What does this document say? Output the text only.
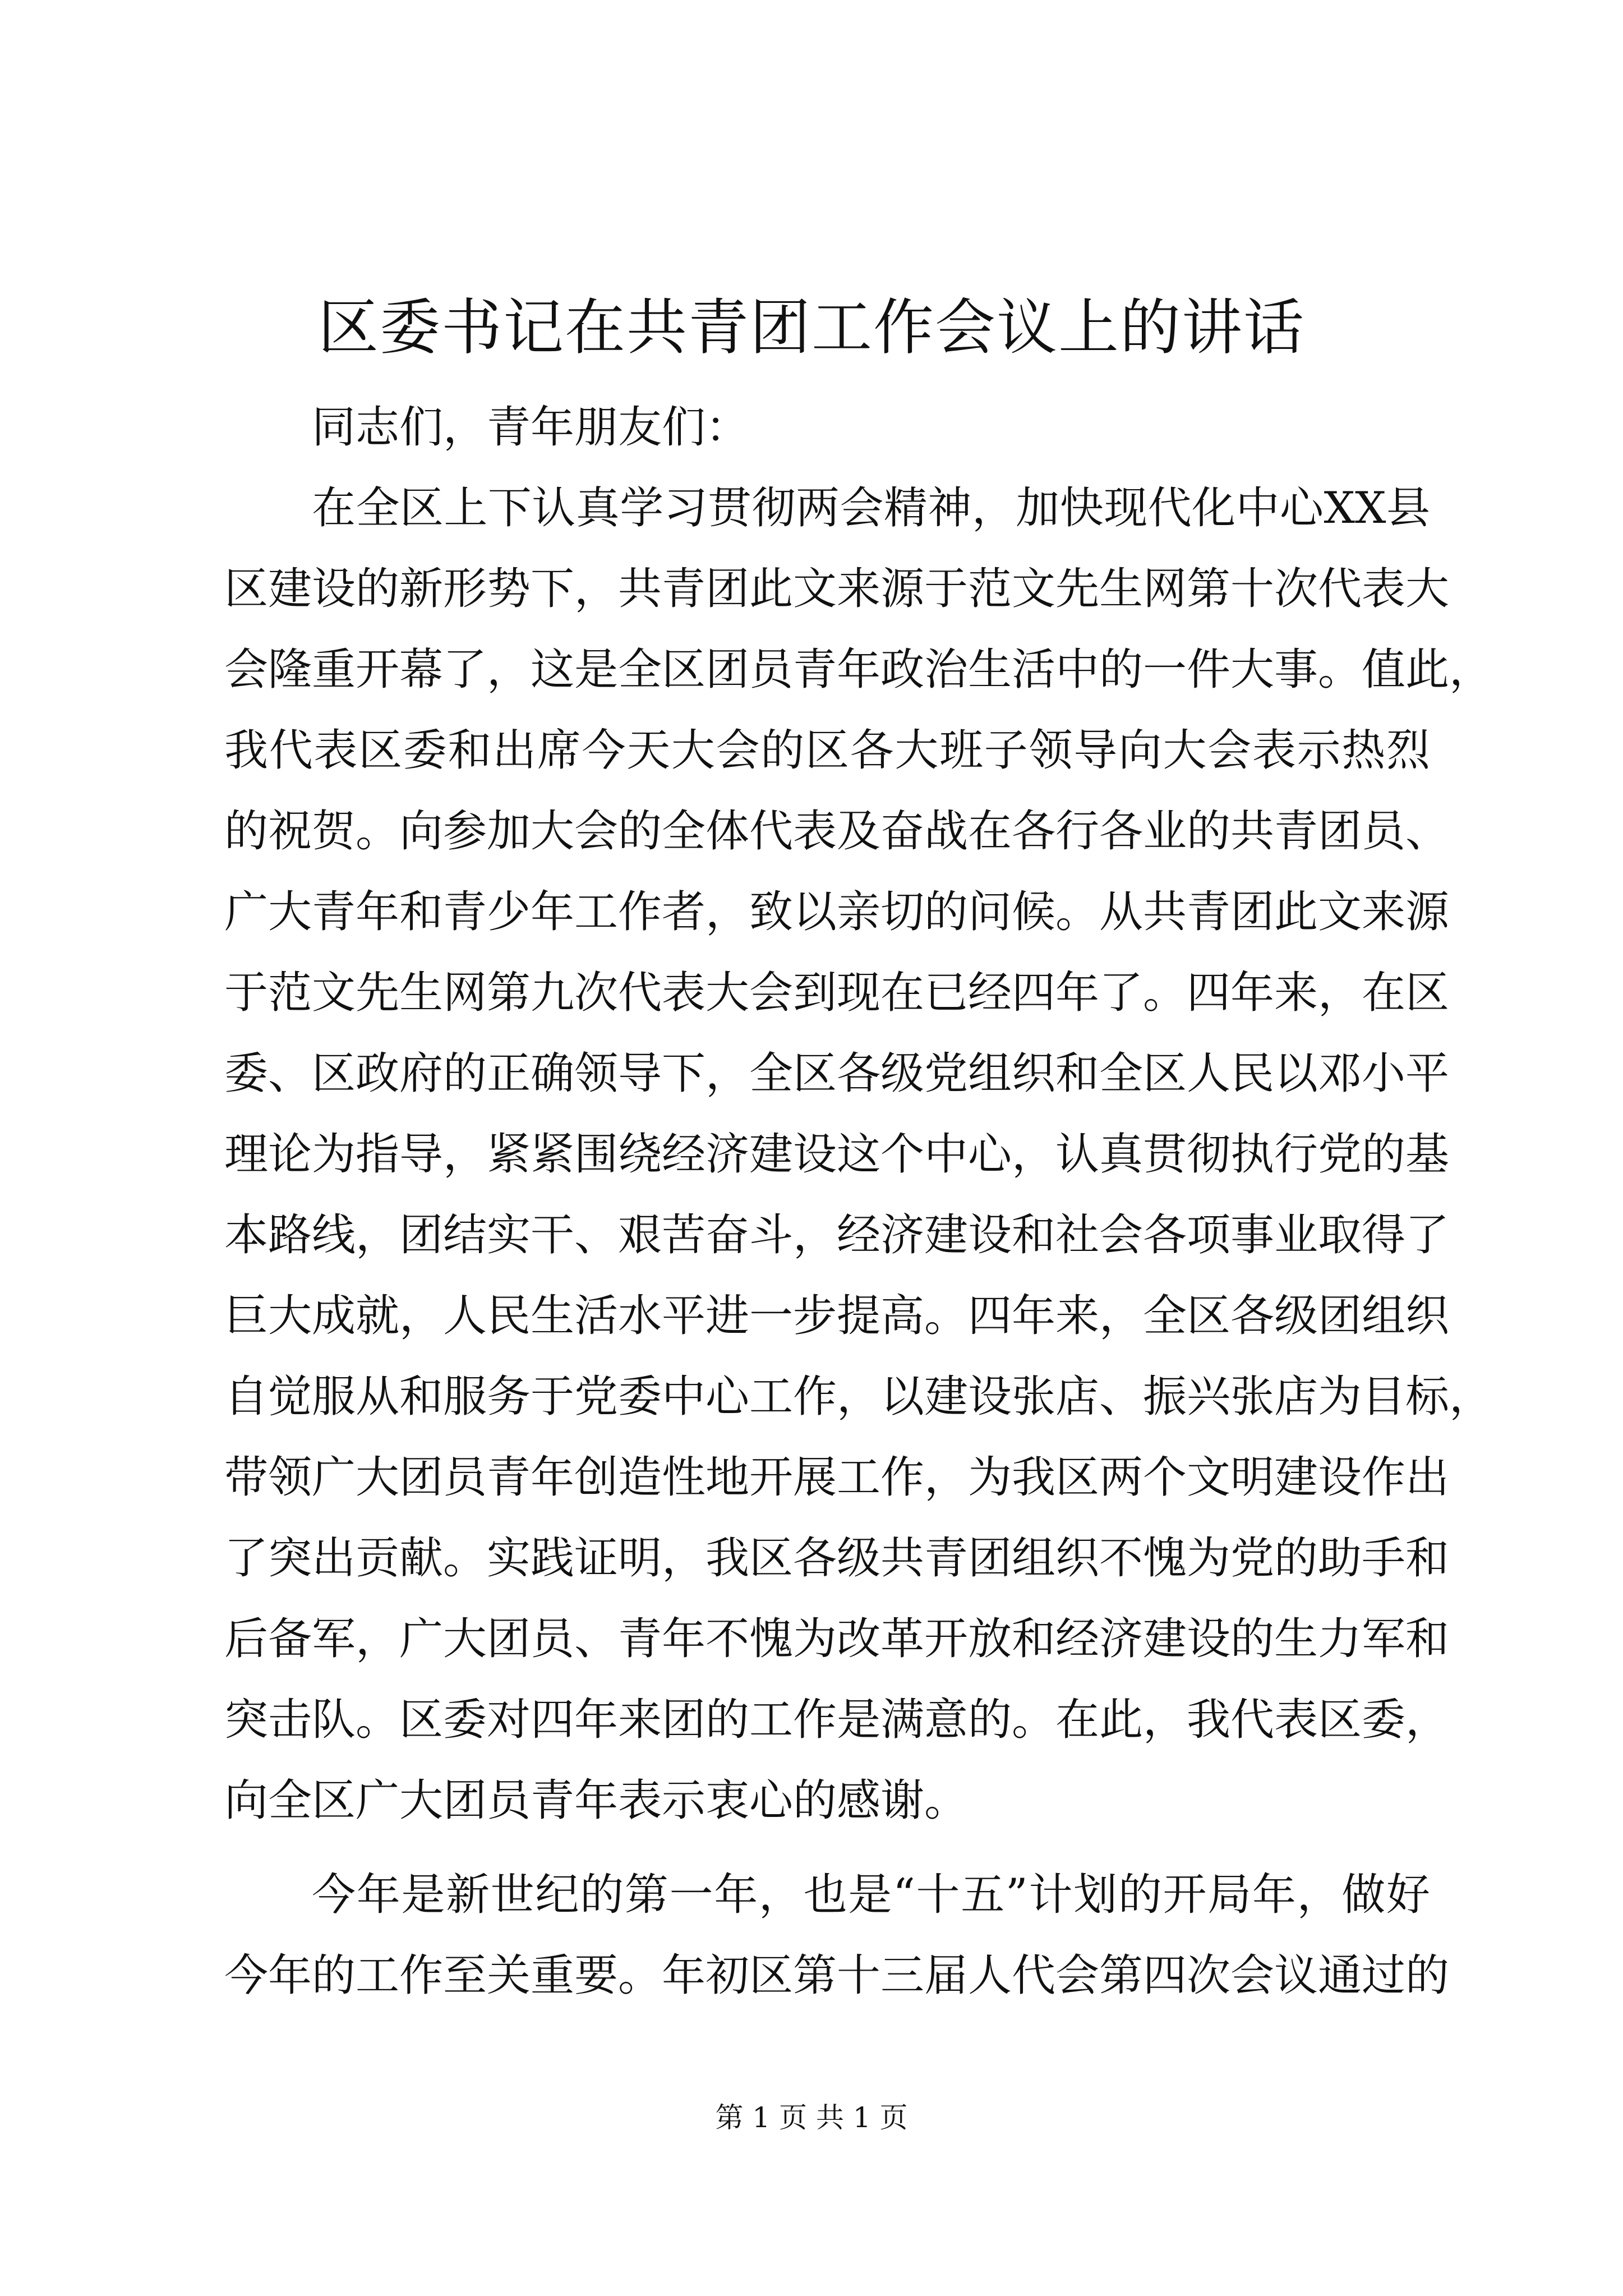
区委书记在共青团工作会议上的讲话
同志们，青年朋友们：
在全区上下认真学习贯彻两会精神，加快现代化中心XX县
区建设的新形势下，共青团此文来源于范文先生网第十次代表大
会隆重开幕了，这是全区团员青年政治生活中的一件大事。值此，
我代表区委和出席今天大会的区各大班子领导向大会表示热烈
的祝贺。向参加大会的全体代表及奋战在各行各业的共青团员、
广大青年和青少年工作者，致以亲切的问候。从共青团此文来源
于范文先生网第九次代表大会到现在已经四年了。四年来，在区
委、区政府的正确领导下，全区各级党组织和全区人民以邓小平
理论为指导，紧紧围绕经济建设这个中心，认真贯彻执行党的基
本路线，团结实干、艰苦奋斗，经济建设和社会各项事业取得了
巨大成就，人民生活水平进一步提高。四年来，全区各级团组织
自觉服从和服务于党委中心工作，以建设张店、振兴张店为目标，
带领广大团员青年创造性地开展工作，为我区两个文明建设作出
了突出贡献。实践证明，我区各级共青团组织不愧为党的助手和
后备军，广大团员、青年不愧为改革开放和经济建设的生力军和
突击队。区委对四年来团的工作是满意的。在此，我代表区委，
向全区广大团员青年表示衷心的感谢。
今年是新世纪的第一年，也是“十五”计划的开局年，做好
今年的工作至关重要。年初区第十三届人代会第四次会议通过的
第 1 页 共 1 页
